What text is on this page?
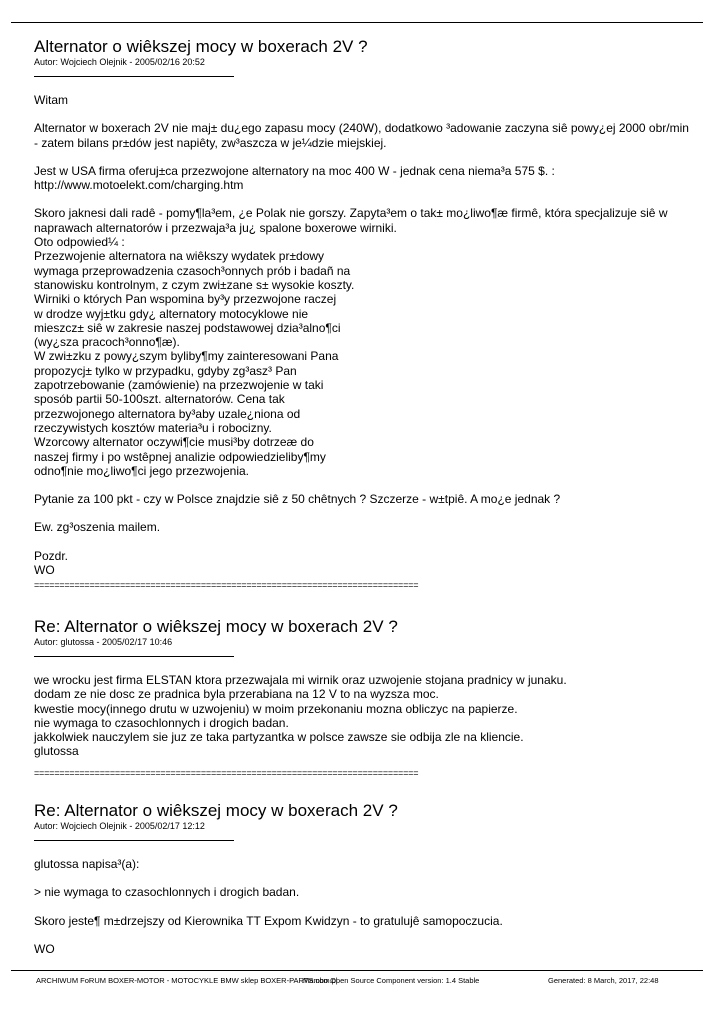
Alternator o wiêkszej mocy w boxerach 2V ?
Autor: Wojciech Olejnik - 2005/02/16 20:52

Witam

Alternator w boxerach 2V nie maj± du¿ego zapasu mocy (240W), dodatkowo ³adowanie zaczyna siê powy¿ej 2000 obr/min - zatem bilans pr±dów jest napiêty, zw³aszcza w je¼dzie miejskiej.

Jest w USA firma oferuj±ca przezwojone alternatory na moc 400 W - jednak cena niema³a 575 $. : http://www.motoelekt.com/charging.htm

Skoro jaknesi dali radê - pomy¶la³em, ¿e Polak nie gorszy. Zapyta³em o tak± mo¿liwo¶æ firmê, która specjalizuje siê w naprawach alternatorów i przezwaja³a ju¿ spalone boxerowe wirniki.
Oto odpowied¼ :
Przezwojenie alternatora na wiêkszy wydatek pr±dowy
wymaga przeprowadzenia czasoch³onnych prób i badañ na
stanowisku kontrolnym, z czym zwi±zane s± wysokie koszty.
Wirniki o których Pan wspomina by³y przezwojone raczej
w drodze wyj±tku gdy¿ alternatory motocyklowe nie
mieszcz± siê w zakresie naszej podstawowej dzia³alno¶ci
(wy¿sza pracoch³onno¶æ).
W zwi±zku z powy¿szym byliby¶my zainteresowani Pana
propozycj± tylko w przypadku, gdyby zg³asz³ Pan
zapotrzebowanie (zamówienie) na przezwojenie w taki
sposób partii 50-100szt. alternatorów. Cena tak
przezwojonego alternatora by³aby uzale¿niona od
rzeczywistych kosztów materia³u i robocizny.
Wzorcowy alternator oczywi¶cie musi³by dotrzeæ do
naszej firmy i po wstêpnej analizie odpowiedzieliby¶my
odno¶nie mo¿liwo¶ci jego przezwojenia.

Pytanie za 100 pkt - czy w Polsce znajdzie siê z 50 chêtnych ? Szczerze - w±tpiê. A mo¿e jednak ?

Ew. zg³oszenia mailem.

Pozdr.
WO

============================================================================
Re: Alternator o wiêkszej mocy w boxerach 2V ?
Autor: glutossa - 2005/02/17 10:46

we wrocku jest firma ELSTAN ktora przezwajala mi wirnik oraz uzwojenie stojana pradnicy w junaku.
dodam ze nie dosc ze pradnica byla przerabiana na 12 V to na wyzsza moc.
kwestie mocy(innego drutu w uzwojeniu) w moim przekonaniu mozna obliczyc na papierze.
nie wymaga to czasochlonnych i drogich badan.
jakkolwiek nauczylem sie juz ze taka partyzantka w polsce zawsze sie odbija zle na kliencie.
glutossa

============================================================================
Re: Alternator o wiêkszej mocy w boxerach 2V ?
Autor: Wojciech Olejnik - 2005/02/17 12:12

glutossa napisa³(a):

> nie wymaga to czasochlonnych i drogich badan.

Skoro jeste¶ m±drzejszy od Kierownika TT Expom Kwidzyn - to gratulujê samopoczucia.

WO

ARCHIWUM FoRUM BOXER-MOTOR - MOTOCYKLE BMW sklep BOXER-PARTS.com.pl
Mambo Open Source Component version: 1.4 Stable	Generated: 8 March, 2017, 22:48
